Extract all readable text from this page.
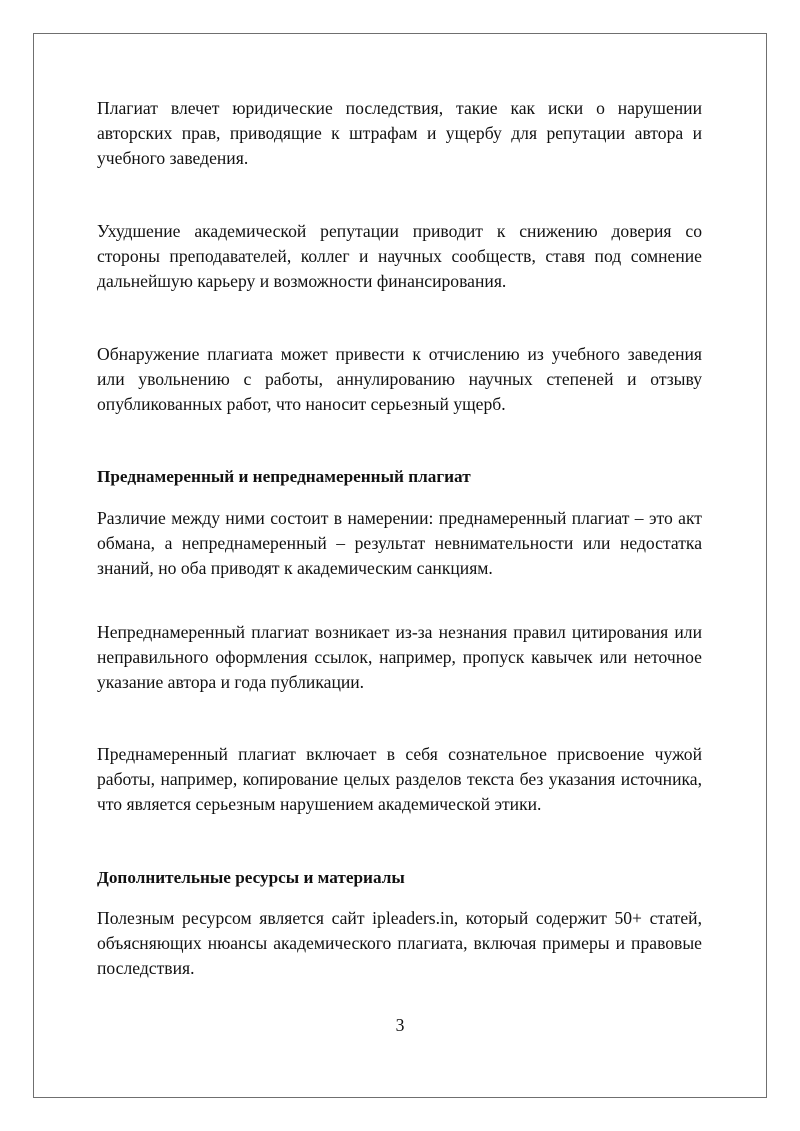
Плагиат влечет юридические последствия, такие как иски о нарушении авторских прав, приводящие к штрафам и ущербу для репутации автора и учебного заведения.

Ухудшение академической репутации приводит к снижению доверия со стороны преподавателей, коллег и научных сообществ, ставя под сомнение дальнейшую карьеру и возможности финансирования.

Обнаружение плагиата может привести к отчислению из учебного заведения или увольнению с работы, аннулированию научных степеней и отзыву опубликованных работ, что наносит серьезный ущерб.

Преднамеренный и непреднамеренный плагиат

Различие между ними состоит в намерении: преднамеренный плагиат – это акт обмана, а непреднамеренный – результат невнимательности или недостатка знаний, но оба приводят к академическим санкциям.

Непреднамеренный плагиат возникает из-за незнания правил цитирования или неправильного оформления ссылок, например, пропуск кавычек или неточное указание автора и года публикации.

Преднамеренный плагиат включает в себя сознательное присвоение чужой работы, например, копирование целых разделов текста без указания источника, что является серьезным нарушением академической этики.

Дополнительные ресурсы и материалы

Полезным ресурсом является сайт ipleaders.in, который содержит 50+ статей, объясняющих нюансы академического плагиата, включая примеры и правовые последствия.

3
